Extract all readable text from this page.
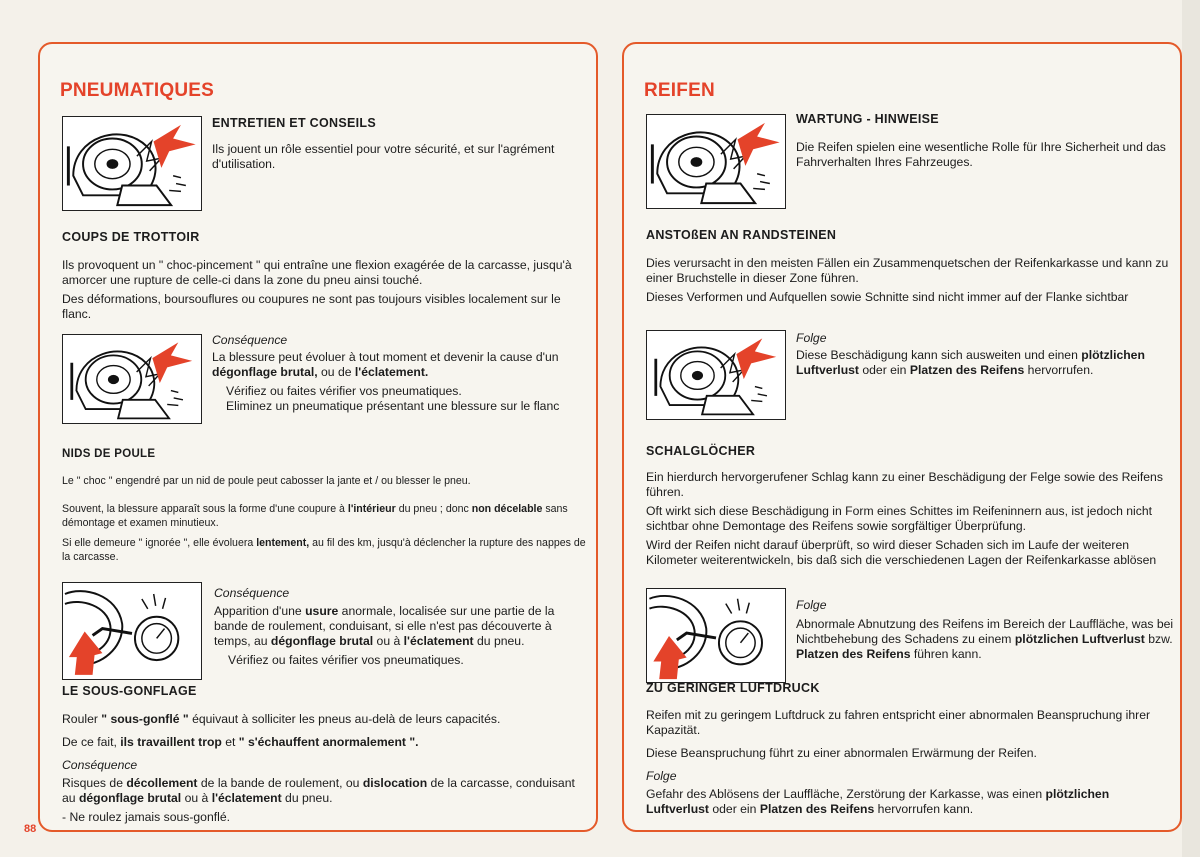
PNEUMATIQUES
ENTRETIEN ET CONSEILS
Ils jouent un rôle essentiel pour votre sécurité, et sur l'agrément d'utilisation.
COUPS DE TROTTOIR
Ils provoquent un " choc-pincement " qui entraîne une flexion exagérée de la carcasse, jusqu'à amorcer une rupture de celle-ci dans la zone du pneu ainsi touché.
Des déformations, boursouflures ou coupures ne sont pas toujours visibles localement sur le flanc.
Conséquence
La blessure peut évoluer à tout moment et devenir la cause d'un dégonflage brutal, ou de l'éclatement.
Vérifiez ou faites vérifier vos pneumatiques.
Eliminez un pneumatique présentant une blessure sur le flanc
NIDS DE POULE
Le " choc " engendré par un nid de poule peut cabosser la jante et / ou blesser le pneu.
Souvent, la blessure apparaît sous la forme d'une coupure à l'intérieur du pneu ; donc non décelable sans démontage et examen minutieux.
Si elle demeure " ignorée ", elle évoluera lentement, au fil des km, jusqu'à déclencher la rupture des nappes de la carcasse.
Conséquence
Apparition d'une usure anormale, localisée sur une partie de la bande de roulement, conduisant, si elle n'est pas découverte à temps, au dégonflage brutal ou à l'éclatement du pneu.
Vérifiez ou faites vérifier vos pneumatiques.
LE SOUS-GONFLAGE
Rouler " sous-gonflé " équivaut à solliciter les pneus au-delà de leurs capacités.
De ce fait, ils travaillent trop et " s'échauffent anormalement ".
Conséquence
Risques de décollement de la bande de roulement, ou dislocation de la carcasse, conduisant au dégonflage brutal ou à l'éclatement du pneu.
- Ne roulez jamais sous-gonflé.
REIFEN
WARTUNG - HINWEISE
Die Reifen spielen eine wesentliche Rolle für Ihre Sicherheit und das Fahrverhalten Ihres Fahrzeuges.
ANSTOßEN AN RANDSTEINEN
Dies verursacht in den meisten Fällen ein Zusammenquetschen der Reifenkarkasse und kann zu einer Bruchstelle in dieser Zone führen.
Dieses Verformen und Aufquellen sowie Schnitte sind nicht immer auf der Flanke sichtbar
Folge
Diese Beschädigung kann sich ausweiten und einen plötzlichen Luftverlust oder ein Platzen des Reifens hervorrufen.
SCHALGLÖCHER
Ein hierdurch hervorgerufener Schlag kann zu einer Beschädigung der Felge sowie des Reifens führen.
Oft wirkt sich diese Beschädigung in Form eines Schittes im Reifeninnern aus, ist jedoch nicht sichtbar ohne Demontage des Reifens sowie sorgfältiger Überprüfung.
Wird der Reifen nicht darauf überprüft, so wird dieser Schaden sich im Laufe der weiteren Kilometer weiterentwickeln, bis daß sich die verschiedenen Lagen der Reifenkarkasse ablösen
Folge
Abnormale Abnutzung des Reifens im Bereich der Lauffläche, was bei Nichtbehebung des Schadens zu einem plötzlichen Luftverlust bzw. Platzen des Reifens führen kann.
ZU GERINGER LUFTDRUCK
Reifen mit zu geringem Luftdruck zu fahren entspricht einer abnormalen Beanspruchung ihrer Kapazität.
Diese Beanspruchung führt zu einer abnormalen Erwärmung der Reifen.
Folge
Gefahr des Ablösens der Lauffläche, Zerstörung der Karkasse, was einen plötzlichen Luftverlust oder ein Platzen des Reifens hervorrufen kann.
88
